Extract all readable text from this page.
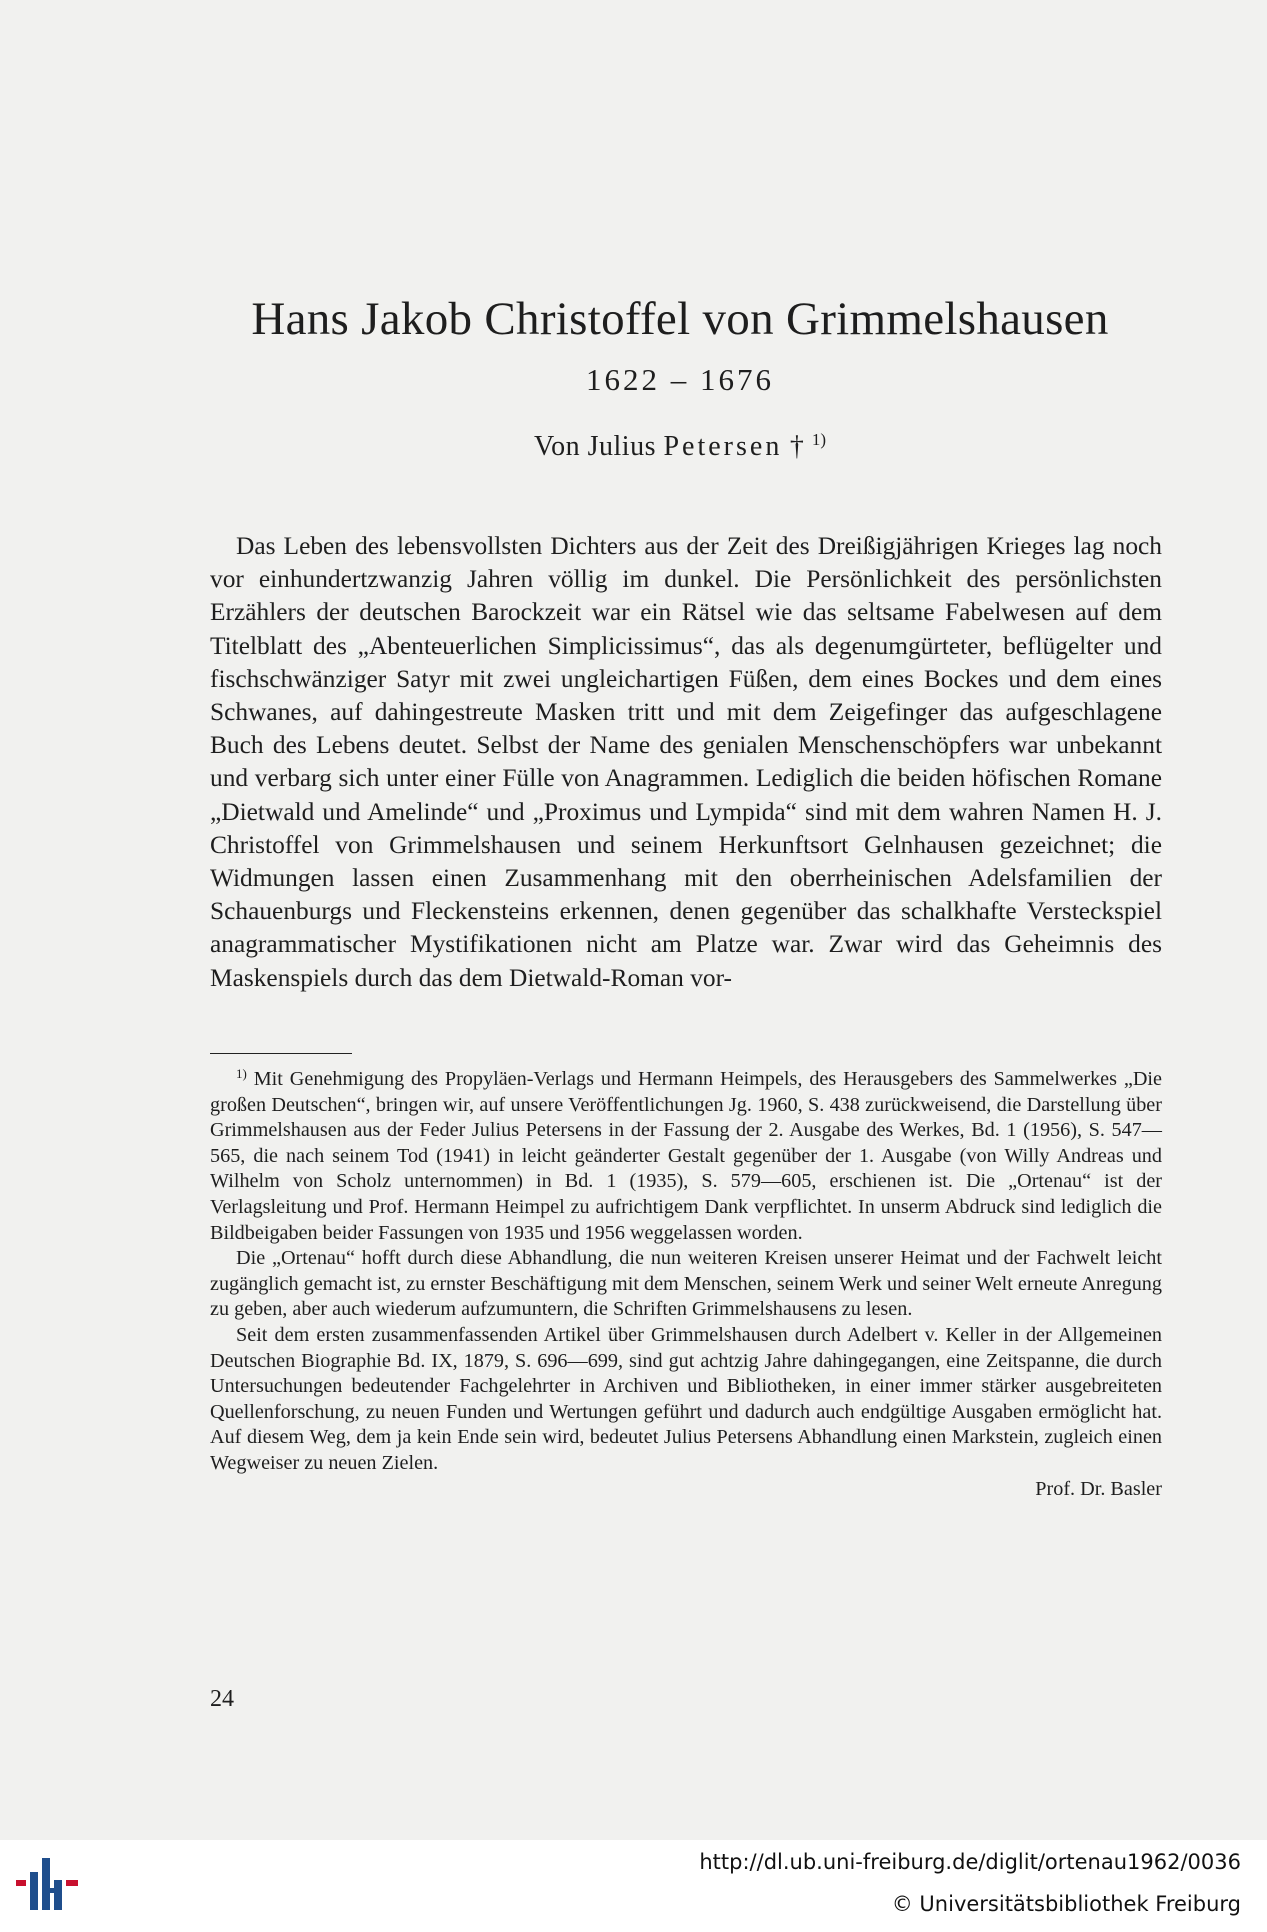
Hans Jakob Christoffel von Grimmelshausen
1622 – 1676
Von Julius Petersen † $^{1)}$

Das Leben des lebensvollsten Dichters aus der Zeit des Dreißigjährigen Krieges lag noch vor einhundertzwanzig Jahren völlig im dunkel. Die Persönlichkeit des persönlichsten Erzählers der deutschen Barockzeit war ein Rätsel wie das seltsame Fabelwesen auf dem Titelblatt des „Abenteuerlichen Simplicissimus“, das als degenumgürteter, beflügelter und fischschwänziger Satyr mit zwei ungleichartigen Füßen, dem eines Bockes und dem eines Schwanes, auf dahingestreute Masken tritt und mit dem Zeigefinger das aufgeschlagene Buch des Lebens deutet. Selbst der Name des genialen Menschenschöpfers war unbekannt und verbarg sich unter einer Fülle von Anagrammen. Lediglich die beiden höfischen Romane „Dietwald und Amelinde“ und „Proximus und Lympida“ sind mit dem wahren Namen H. J. Christoffel von Grimmelshausen und seinem Herkunftsort Gelnhausen gezeichnet; die Widmungen lassen einen Zusammenhang mit den oberrheinischen Adelsfamilien der Schauenburgs und Fleckensteins erkennen, denen gegenüber das schalkhafte Versteckspiel anagrammatischer Mystifikationen nicht am Platze war. Zwar wird das Geheimnis des Maskenspiels durch das dem Dietwald-Roman vor-

$^{1)}$ Mit Genehmigung des Propyläen-Verlags und Hermann Heimpels, des Herausgebers des Sammelwerkes „Die großen Deutschen“, bringen wir, auf unsere Veröffentlichungen Jg. 1960, S. 438 zurückweisend, die Darstellung über Grimmelshausen aus der Feder Julius Petersens in der Fassung der 2. Ausgabe des Werkes, Bd. 1 (1956), S. 547—565, die nach seinem Tod (1941) in leicht geänderter Gestalt gegenüber der 1. Ausgabe (von Willy Andreas und Wilhelm von Scholz unternommen) in Bd. 1 (1935), S. 579—605, erschienen ist. Die „Ortenau“ ist der Verlagsleitung und Prof. Hermann Heimpel zu aufrichtigem Dank verpflichtet. In unserm Abdruck sind lediglich die Bildbeigaben beider Fassungen von 1935 und 1956 weggelassen worden.

Die „Ortenau“ hofft durch diese Abhandlung, die nun weiteren Kreisen unserer Heimat und der Fachwelt leicht zugänglich gemacht ist, zu ernster Beschäftigung mit dem Menschen, seinem Werk und seiner Welt erneute Anregung zu geben, aber auch wiederum aufzumuntern, die Schriften Grimmelshausens zu lesen.

Seit dem ersten zusammenfassenden Artikel über Grimmelshausen durch Adelbert v. Keller in der Allgemeinen Deutschen Biographie Bd. IX, 1879, S. 696—699, sind gut achtzig Jahre dahingegangen, eine Zeitspanne, die durch Untersuchungen bedeutender Fachgelehrter in Archiven und Bibliotheken, in einer immer stärker ausgebreiteten Quellenforschung, zu neuen Funden und Wertungen geführt und dadurch auch endgültige Ausgaben ermöglicht hat. Auf diesem Weg, dem ja kein Ende sein wird, bedeutet Julius Petersens Abhandlung einen Markstein, zugleich einen Wegweiser zu neuen Zielen.

Prof. Dr. Basler

24
http://dl.ub.uni-freiburg.de/diglit/ortenau1962/0036
© Universitätsbibliothek Freiburg
